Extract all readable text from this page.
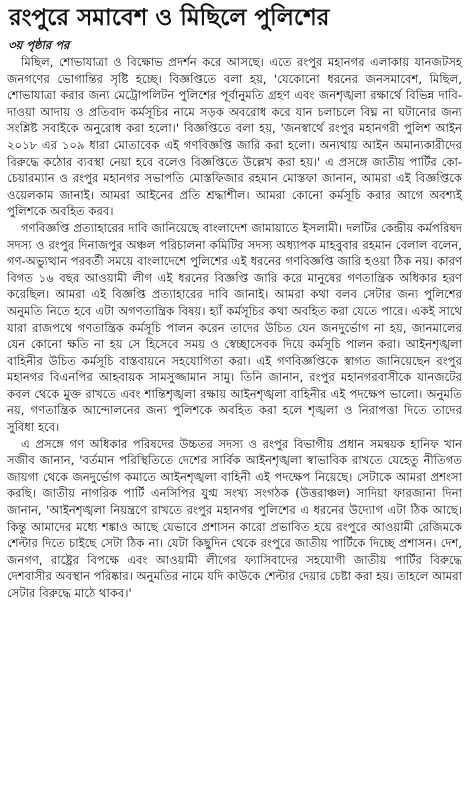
রংপুরে সমাবেশ ও মিছিলে পুলিশের
৩য় পৃষ্ঠার পর

মিছিল, শোভাযাত্রা ও বিক্ষোভ প্রদর্শন করে আসছে। এতে রংপুর মহানগর এলাকায় যানজটসহ জনগণের ভোগান্তির সৃষ্টি হচ্ছে। বিজ্ঞপ্তিতে বলা হয়, 'যেকোনো ধরনের জনসমাবেশ, মিছিল, শোভাযাত্রা করার জন্য মেট্রোপলিটন পুলিশের পূর্বানুমতি গ্রহণ এবং জনশৃঙ্খলা রক্ষার্থে বিভিন্ন দাবি-দাওয়া আদায় ও প্রতিবাদ কর্মসূচির নামে সড়ক অবরোধ করে যান চলাচলে বিঘ্ন না ঘটানোর জন্য সংশ্লিষ্ট সবাইকে অনুরোধ করা হলো।' বিজ্ঞপ্তিতে বলা হয়, 'জনস্বার্থে রংপুর মহানগরী পুলিশ আইন ২০১৮ এর ১০৯ ধারা মোতাবেক এই গণবিজ্ঞপ্তি জারি করা হলো। অন্যথায় আইন অমান্যকারীদের বিরুদ্ধে কঠোর ব্যবস্থা নেয়া হবে বলেও বিজ্ঞপ্তিতে উল্লেখ করা হয়।' এ প্রসঙ্গে জাতীয় পার্টির কো-চেয়ারম্যান ও রংপুর মহানগর সভাপতি মোস্তফিজার রহমান মোস্তফা জানান, আমরা এই বিজ্ঞপ্তিকে ওয়েলকাম জানাই। আমরা আইনের প্রতি শ্রদ্ধাশীল। আমরা কোনো কর্মসূচি করার আগে অবশ্যই পুলিশকে অবহিত করব।

গণবিজ্ঞপ্তি প্রত্যাহারের দাবি জানিয়েছে বাংলাদেশ জামায়াতে ইসলামী। দলটির কেন্দ্রীয় কর্মপরিষদ সদস্য ও রংপুর দিনাজপুর অঞ্চল পরিচালনা কমিটির সদস্য অধ্যাপক মাহবুবার রহমান বেলাল বলেন, গণ-অভ্যুত্থান পরবর্তী সময়ে বাংলাদেশে পুলিশের এই ধরনের গণবিজ্ঞপ্তি জারি হওয়া ঠিক নয়। কারণ বিগত ১৬ বছর আওয়ামী লীগ এই ধরনের বিজ্ঞপ্তি জারি করে মানুষের গণতান্ত্রিক অধিকার হরণ করেছিল। আমরা এই বিজ্ঞপ্তি প্রত্যাহারের দাবি জানাই। আমরা কথা বলব সেটার জন্য পুলিশের অনুমতি নিতে হবে এটা অগণতান্ত্রিক বিষয়। হ্যাঁ কর্মসূচির কথা অবহিত করা যেতে পারে। একই সাথে যারা রাজপথে গণতান্ত্রিক কর্মসূচি পালন করেন তাদের উচিত যেন জনদুর্ভোগ না হয়, জানমালের যেন কোনো ক্ষতি না হয় সে হিসেবে সময় ও স্বেচ্ছাসেবক দিয়ে কর্মসূচি পালন করা। আইনশৃঙ্খলা বাহিনীর উচিত কর্মসূচি বাস্তবায়নে সহযোগিতা করা। এই গণবিজ্ঞপ্তিকে স্বাগত জানিয়েছেন রংপুর মহানগর বিএনপির আহবায়ক সামসুজ্জামান সামু। তিনি জানান, রংপুর মহানগরবাসীকে যানজটের কবল থেকে মুক্ত রাখতে এবং শান্তিশৃঙ্খলা রক্ষায় আইনশৃঙ্খলা বাহিনীর এই পদক্ষেপ ভালো। অনুমতি নয়, গণতান্ত্রিক আন্দোলনের জন্য পুলিশকে অবহিত করা হলে শৃঙ্খলা ও নিরাপত্তা দিতে তাদের সুবিধা হবে।

এ প্রসঙ্গে গণ অধিকার পরিষদের উচ্চতর সদস্য ও রংপুর বিভাগীয় প্রধান সমন্বয়ক হানিফ খান সজীব জানান, 'বর্তমান পরিস্থিতিতে দেশের সার্বিক আইনশৃঙ্খলা স্বাভাবিক রাখতে যেহেতু নীতিগত জায়গা থেকে জনদুর্ভোগ কমাতে আইনশৃঙ্খলা বাহিনী এই পদক্ষেপ নিয়েছে। সেটাকে আমরা প্রশংসা করছি। জাতীয় নাগরিক পার্টি এনসিপির যুগ্ম সংখ্য সংগঠক (উত্তরাঞ্চল) সাদিয়া ফারজানা দিনা জানান, 'আইনশৃঙ্খলা নিয়ন্ত্রণে রাখতে রংপুর মহানগর পুলিশের এ ধরনের উদ্যোগ এটা ঠিক আছে। কিন্তু আমাদের মধ্যে শঙ্কাও আছে যেভাবে প্রশাসন কারো প্রভাবিত হয়ে রংপুরে আওয়ামী রেজিমকে শেল্টার দিতে চাইছে সেটা ঠিক না। যেটা কিছুদিন থেকে রংপুরে জাতীয় পার্টিকে দিচ্ছে প্রশাসন। দেশ, জনগণ, রাষ্ট্রের বিপক্ষে এবং আওয়ামী লীগের ফ্যাসিবাদের সহযোগী জাতীয় পার্টির বিরুদ্ধে দেশবাসীর অবস্থান পরিষ্কার। অনুমতির নামে যদি কাউকে শেল্টার দেয়ার চেষ্টা করা হয়। তাহলে আমরা সেটার বিরুদ্ধে মাঠে থাকব।'
